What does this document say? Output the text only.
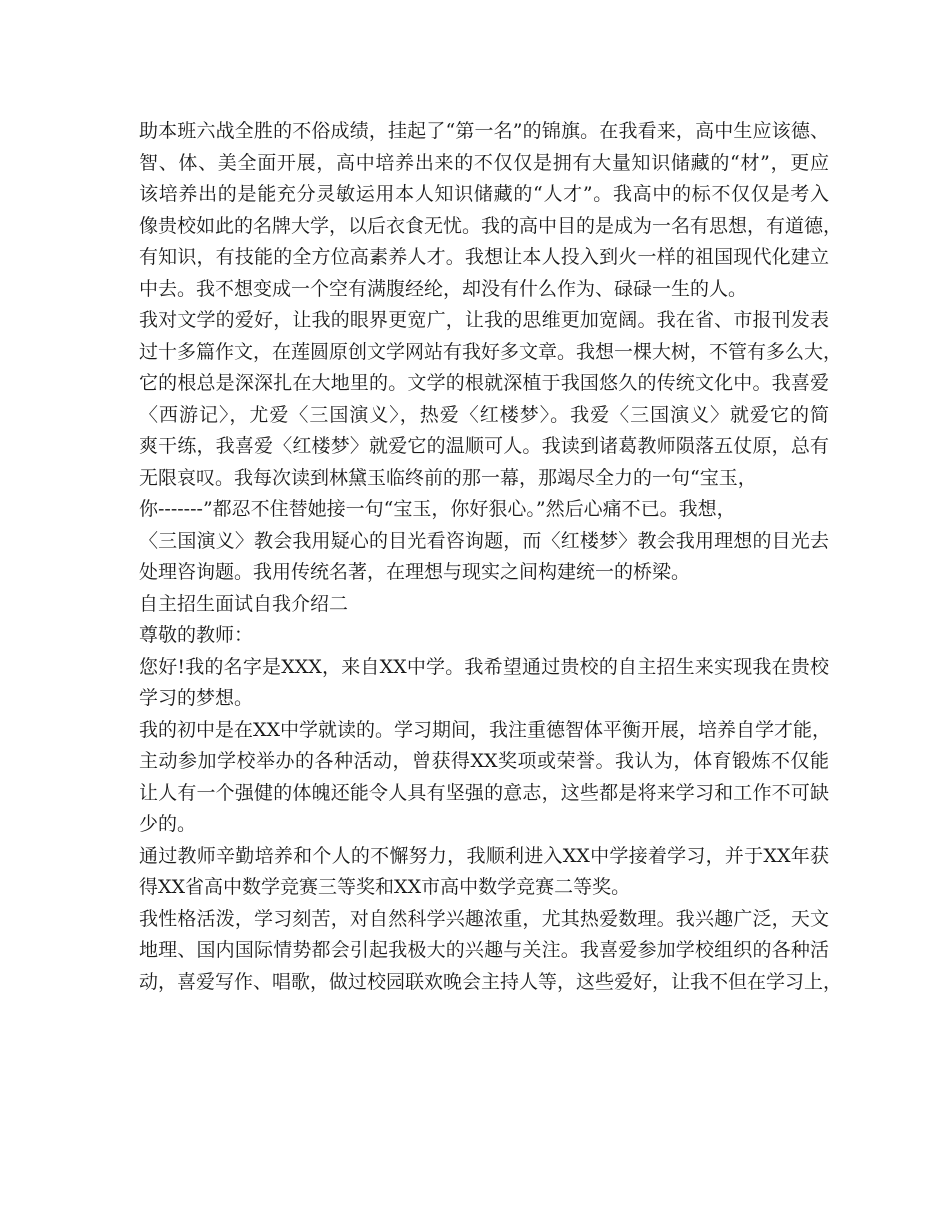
助本班六战全胜的不俗成绩，挂起了“第一名”的锦旗。在我看来，高中生应该德、
智、体、美全面开展，高中培养出来的不仅仅是拥有大量知识储藏的“材”，更应
该培养出的是能充分灵敏运用本人知识储藏的“人才”。我高中的标不仅仅是考入
像贵校如此的名牌大学，以后衣食无忧。我的高中目的是成为一名有思想，有道德，
有知识，有技能的全方位高素养人才。我想让本人投入到火一样的祖国现代化建立
中去。我不想变成一个空有满腹经纶，却没有什么作为、碌碌一生的人。
我对文学的爱好，让我的眼界更宽广，让我的思维更加宽阔。我在省、市报刊发表
过十多篇作文，在莲圆原创文学网站有我好多文章。我想一棵大树，不管有多么大，
它的根总是深深扎在大地里的。文学的根就深植于我国悠久的传统文化中。我喜爱
〈西游记〉，尤爱〈三国演义〉，热爱〈红楼梦〉。我爱〈三国演义〉就爱它的简
爽干练，我喜爱〈红楼梦〉就爱它的温顺可人。我读到诸葛教师陨落五仗原，总有
无限哀叹。我每次读到林黛玉临终前的那一幕，那竭尽全力的一句“宝玉，
你-------”都忍不住替她接一句“宝玉，你好狠心。”然后心痛不已。我想，
〈三国演义〉教会我用疑心的目光看咨询题，而〈红楼梦〉教会我用理想的目光去
处理咨询题。我用传统名著，在理想与现实之间构建统一的桥梁。
自主招生面试自我介绍二
尊敬的教师：
您好!我的名字是XXX，来自XX中学。我希望通过贵校的自主招生来实现我在贵校
学习的梦想。
我的初中是在XX中学就读的。学习期间，我注重德智体平衡开展，培养自学才能，
主动参加学校举办的各种活动，曾获得XX奖项或荣誉。我认为，体育锻炼不仅能
让人有一个强健的体魄还能令人具有坚强的意志，这些都是将来学习和工作不可缺
少的。
通过教师辛勤培养和个人的不懈努力，我顺利进入XX中学接着学习，并于XX年获
得XX省高中数学竞赛三等奖和XX市高中数学竞赛二等奖。
我性格活泼，学习刻苦，对自然科学兴趣浓重，尤其热爱数理。我兴趣广泛，天文
地理、国内国际情势都会引起我极大的兴趣与关注。我喜爱参加学校组织的各种活
动，喜爱写作、唱歌，做过校园联欢晚会主持人等，这些爱好，让我不但在学习上，
